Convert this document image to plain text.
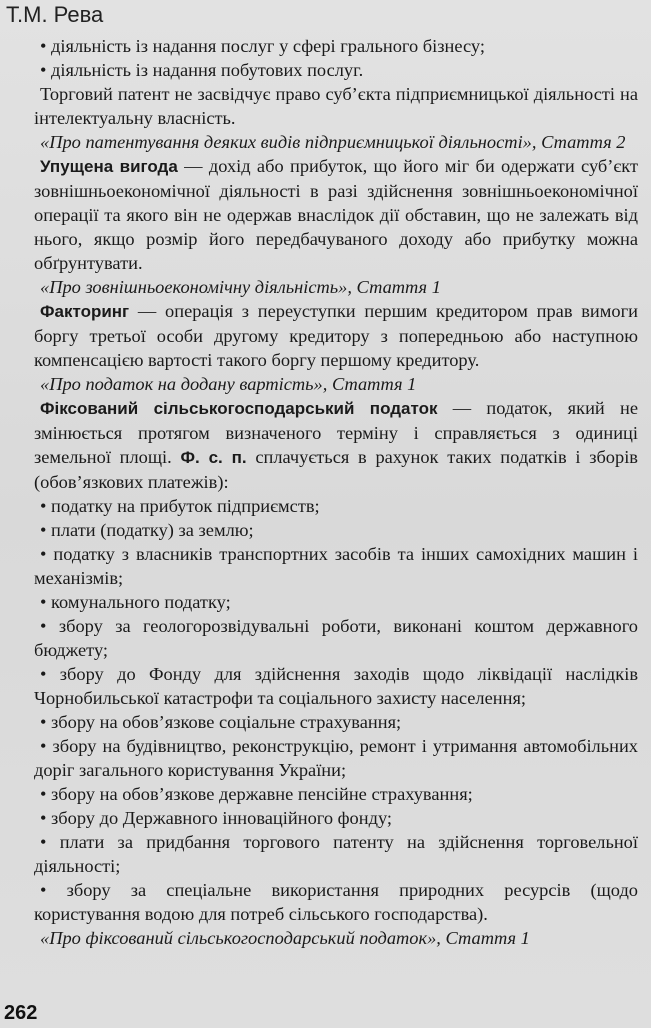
Т.М. Рева

• діяльність із надання послуг у сфері грального бізнесу;

• діяльність із надання побутових послуг.

Торговий патент не засвідчує право суб’єкта підприємницької діяльності на інтелектуальну власність.

«Про патентування деяких видів підприємницької діяльності», Стаття 2

Упущена вигода — дохід або прибуток, що його міг би одержати суб’єкт зовнішньоекономічної діяльності в разі здійснення зовнішньоекономічної операції та якого він не одержав внаслідок дії обставин, що не залежать від нього, якщо розмір його передбачуваного доходу або прибутку можна обґрунтувати.

«Про зовнішньоекономічну діяльність», Стаття 1

Факторинг — операція з переуступки першим кредитором прав вимоги боргу третьої особи другому кредитору з попередньою або наступною компенсацією вартості такого боргу першому кредитору.

«Про податок на додану вартість», Стаття 1

Фіксований сільськогосподарський податок — податок, який не змінюється протягом визначеного терміну і справляється з одиниці земельної площі. Ф. с. п. сплачується в рахунок таких податків і зборів (обов’язкових платежів):

• податку на прибуток підприємств;

• плати (податку) за землю;

• податку з власників транспортних засобів та інших самохідних машин і механізмів;

• комунального податку;

• збору за геологорозвідувальні роботи, виконані коштом державного бюджету;

• збору до Фонду для здійснення заходів щодо ліквідації наслідків Чорнобильської катастрофи та соціального захисту населення;

• збору на обов’язкове соціальне страхування;

• збору на будівництво, реконструкцію, ремонт і утримання автомобільних доріг загального користування України;

• збору на обов’язкове державне пенсійне страхування;

• збору до Державного інноваційного фонду;

• плати за придбання торгового патенту на здійснення торговельної діяльності;

• збору за спеціальне використання природних ресурсів (щодо користування водою для потреб сільського господарства).

«Про фіксований сільськогосподарський податок», Стаття 1

262
